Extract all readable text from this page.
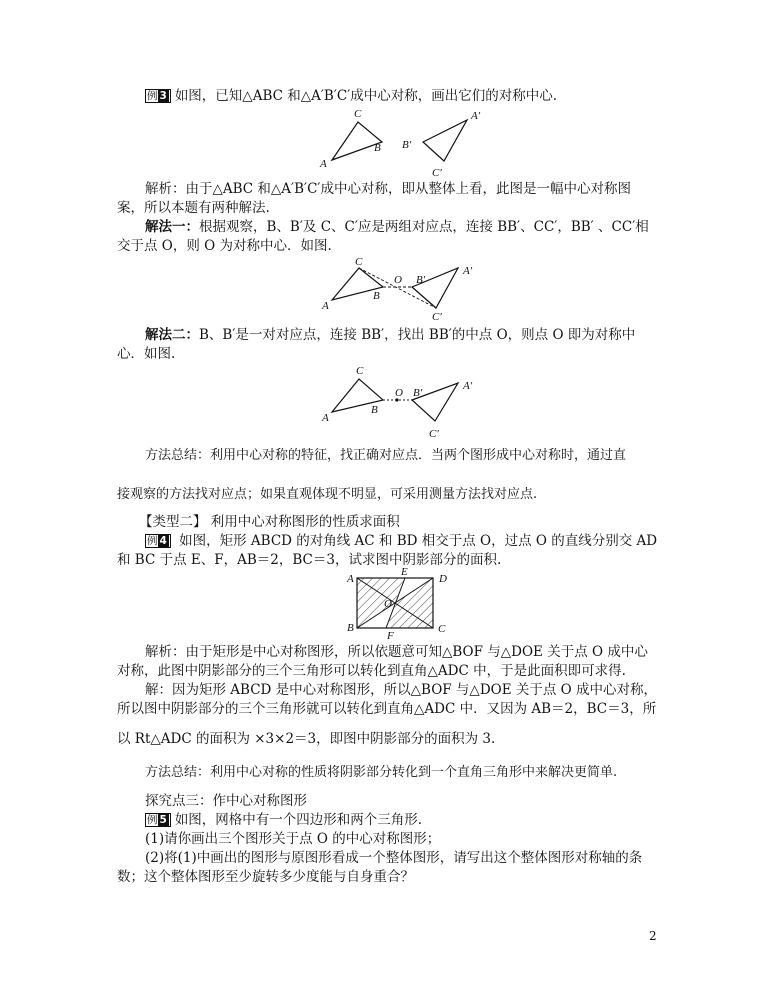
例 3 如图，已知△ABC 和△A′B′C′成中心对称，画出它们的对称中心.
A
C
B B′
A′
C′
解析：由于△ABC 和△A′B′C′成中心对称，即从整体上看，此图是一幅中心对称图
案，所以本题有两种解法.
解法一：根据观察，B、B′及 C、C′应是两组对应点，连接 BB′、CC′，BB′ 、CC′相
交于点 O，则 O 为对称中心．如图.
A
C
B
O B′
A′
C′
解法二：B、B′是一对对应点，连接 BB′，找出 BB′的中点 O，则点 O 即为对称中
心．如图.
A
C
B
O B′
A′
C′
方法总结：利用中心对称的特征，找正确对应点．当两个图形成中心对称时，通过直
接观察的方法找对应点；如果直观体现不明显，可采用测量方法找对应点.
【类型二】 利用中心对称图形的性质求面积
例 4 如图，矩形 ABCD 的对角线 AC 和 BD 相交于点 O，过点 O 的直线分别交 AD
和 BC 于点 E、F，AB＝2，BC＝3，试求图中阴影部分的面积.
A
E
D
O
B	C
F
解析：由于矩形是中心对称图形，所以依题意可知△BOF 与△DOE 关于点 O 成中心
对称，此图中阴影部分的三个三角形可以转化到直角△ADC 中，于是此面积即可求得.
解：因为矩形 ABCD 是中心对称图形，所以△BOF 与△DOE 关于点 O 成中心对称，
所以图中阴影部分的三个三角形就可以转化到直角△ADC 中．又因为 AB＝2，BC＝3，所
以 Rt△ADC 的面积为 ×3×2＝3，即图中阴影部分的面积为 3.
方法总结：利用中心对称的性质将阴影部分转化到一个直角三角形中来解决更简单.
探究点三：作中心对称图形
例 5 如图，网格中有一个四边形和两个三角形.
(1)请你画出三个图形关于点 O 的中心对称图形；
(2)将(1)中画出的图形与原图形看成一个整体图形，请写出这个整体图形对称轴的条
数；这个整体图形至少旋转多少度能与自身重合？
2
